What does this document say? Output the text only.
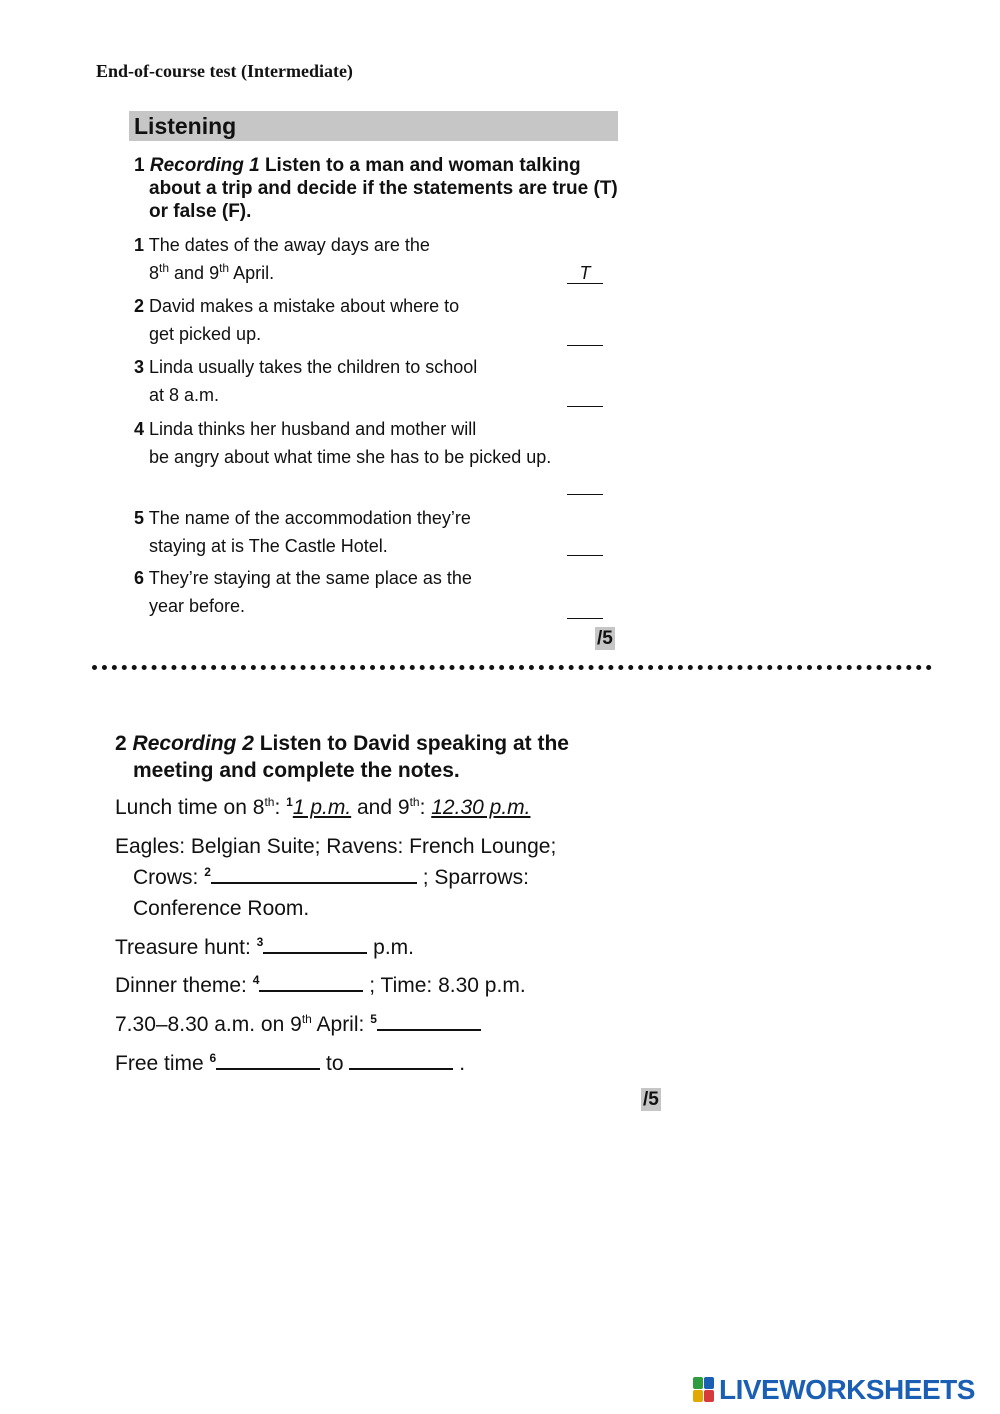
End-of-course test (Intermediate)
Listening
1 Recording 1 Listen to a man and woman talking
about a trip and decide if the statements are true (T) or false (F).
1 The dates of the away days are the
8th and 9th April.	T
2 David makes a mistake about where to
get picked up.
3 Linda usually takes the children to school
at 8 a.m.
4 Linda thinks her husband and mother will
be angry about what time she has to be picked up.
5 The name of the accommodation they’re
staying at is The Castle Hotel.
6 They’re staying at the same place as the
year before.
/5
2 Recording 2 Listen to David speaking at the
meeting and complete the notes.
Lunch time on 8th: $^1$1 p.m. and 9th: 12.30 p.m.
Eagles: Belgian Suite; Ravens: French Lounge;
Crows: $^2$	; Sparrows:
Conference Room.
Treasure hunt: $^3$	p.m.
Dinner theme: $^4$	; Time: 8.30 p.m.
7.30–8.30 a.m. on 9th April: $^5$
Free time $^6$	to	.
/5
LIVEWORKSHEETS
